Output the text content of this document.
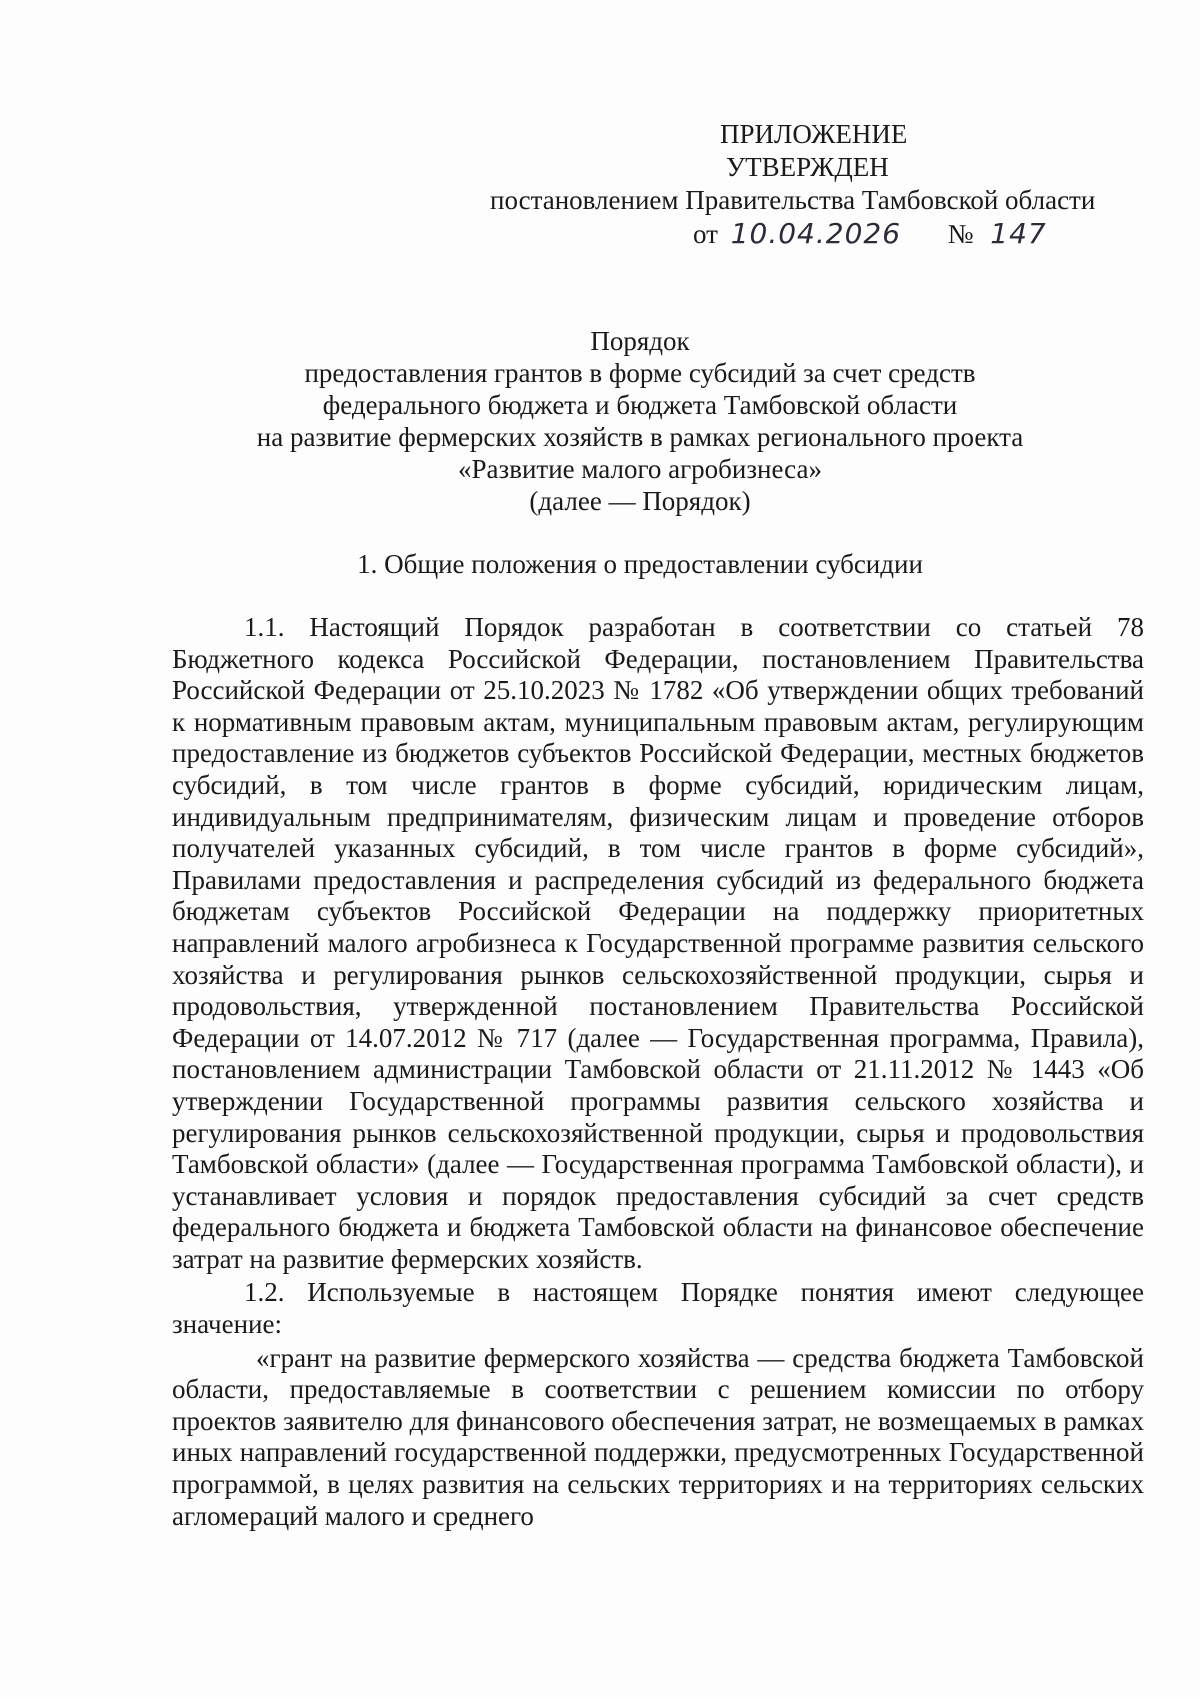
ПРИЛОЖЕНИЕ
УТВЕРЖДЕН
постановлением Правительства Тамбовской области
от 10.04.2026 № 147
Порядок
предоставления грантов в форме субсидий за счет средств
федерального бюджета и бюджета Тамбовской области
на развитие фермерских хозяйств в рамках регионального проекта
«Развитие малого агробизнеса»
(далее — Порядок)
1. Общие положения о предоставлении субсидии

1.1. Настоящий Порядок разработан в соответствии со статьей 78 Бюджетного кодекса Российской Федерации, постановлением Правительства Российской Федерации от 25.10.2023 № 1782 «Об утверждении общих требований к нормативным правовым актам, муниципальным правовым актам, регулирующим предоставление из бюджетов субъектов Российской Федерации, местных бюджетов субсидий, в том числе грантов в форме субсидий, юридическим лицам, индивидуальным предпринимателям, физическим лицам и проведение отборов получателей указанных субсидий, в том числе грантов в форме субсидий», Правилами предоставления и распределения субсидий из федерального бюджета бюджетам субъектов Российской Федерации на поддержку приоритетных направлений малого агробизнеса к Государственной программе развития сельского хозяйства и регулирования рынков сельскохозяйственной продукции, сырья и продовольствия, утвержденной постановлением Правительства Российской Федерации от 14.07.2012 № 717 (далее — Государственная программа, Правила), постановлением администрации Тамбовской области от 21.11.2012 № 1443 «Об утверждении Государственной программы развития сельского хозяйства и регулирования рынков сельскохозяйственной продукции, сырья и продовольствия Тамбовской области» (далее — Государственная программа Тамбовской области), и устанавливает условия и порядок предоставления субсидий за счет средств федерального бюджета и бюджета Тамбовской области на финансовое обеспечение затрат на развитие фермерских хозяйств.

1.2. Используемые в настоящем Порядке понятия имеют следующее значение:

«грант на развитие фермерского хозяйства — средства бюджета Тамбовской области, предоставляемые в соответствии с решением комиссии по отбору проектов заявителю для финансового обеспечения затрат, не возмещаемых в рамках иных направлений государственной поддержки, предусмотренных Государственной программой, в целях развития на сельских территориях и на территориях сельских агломераций малого и среднего
